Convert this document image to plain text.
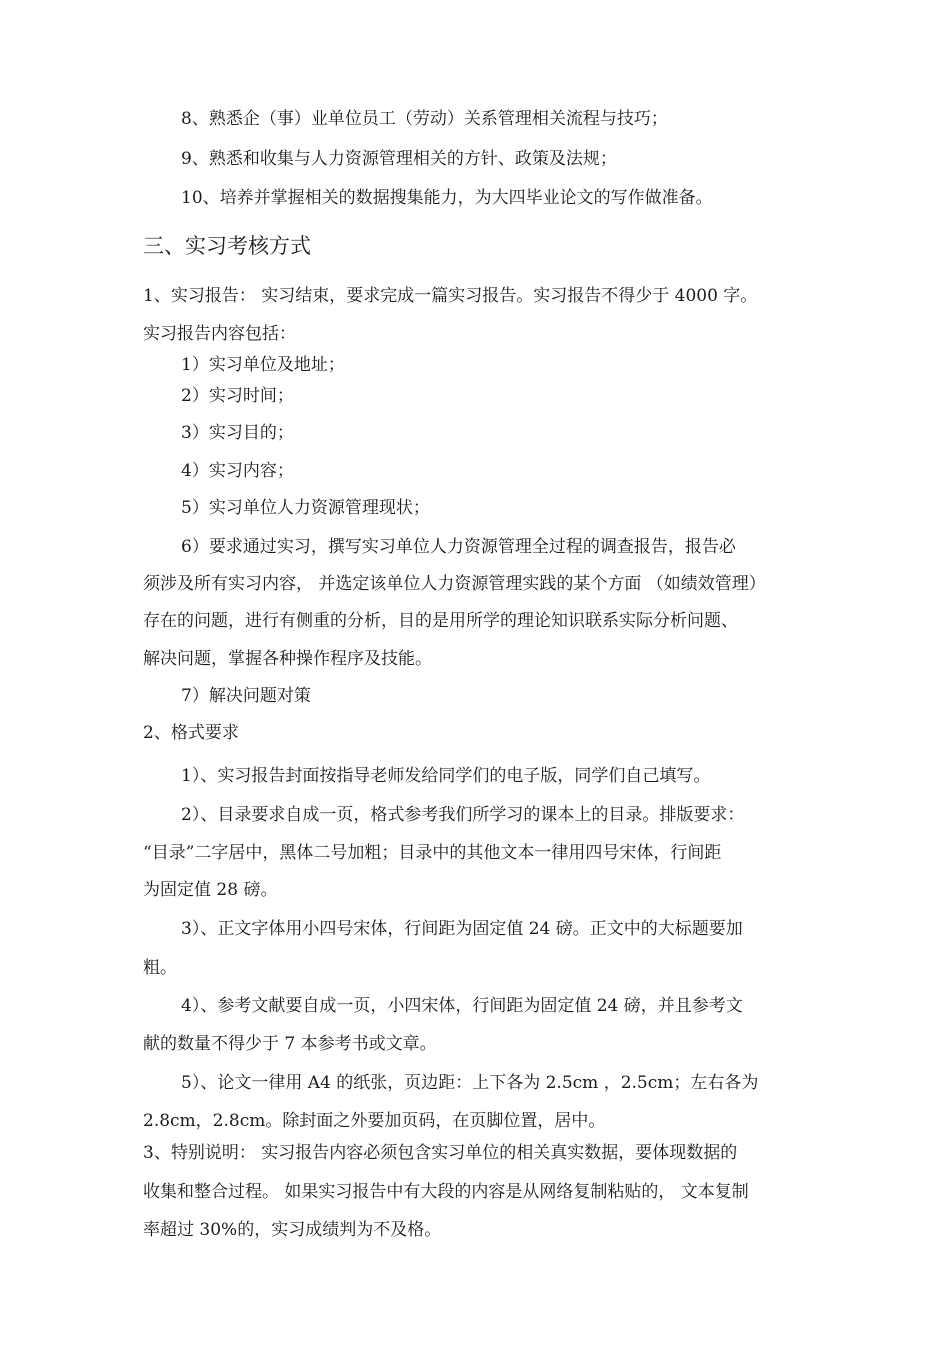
8、熟悉企（事）业单位员工（劳动）关系管理相关流程与技巧；
9、熟悉和收集与人力资源管理相关的方针、政策及法规；
10、培养并掌握相关的数据搜集能力，为大四毕业论文的写作做准备。
三、实习考核方式
1、实习报告： 实习结束，要求完成一篇实习报告。实习报告不得少于 4000 字。
实习报告内容包括：
1）实习单位及地址；
2）实习时间；
3）实习目的；
4）实习内容；
5）实习单位人力资源管理现状；
6）要求通过实习，撰写实习单位人力资源管理全过程的调查报告，报告必
须涉及所有实习内容， 并选定该单位人力资源管理实践的某个方面 （如绩效管理）
存在的问题，进行有侧重的分析，目的是用所学的理论知识联系实际分析问题、
解决问题，掌握各种操作程序及技能。
7）解决问题对策
2、格式要求
1）、实习报告封面按指导老师发给同学们的电子版，同学们自己填写。
2）、目录要求自成一页，格式参考我们所学习的课本上的目录。排版要求：
“目录”二字居中，黑体二号加粗；目录中的其他文本一律用四号宋体，行间距
为固定值 28 磅。
3）、正文字体用小四号宋体，行间距为固定值 24 磅。正文中的大标题要加
粗。
4）、参考文献要自成一页，小四宋体，行间距为固定值 24 磅，并且参考文
献的数量不得少于 7 本参考书或文章。
5）、论文一律用 A4 的纸张，页边距：上下各为 2.5cm ，2.5cm；左右各为
2.8cm，2.8cm。除封面之外要加页码，在页脚位置，居中。
3、特别说明： 实习报告内容必须包含实习单位的相关真实数据，要体现数据的
收集和整合过程。 如果实习报告中有大段的内容是从网络复制粘贴的， 文本复制
率超过 30%的，实习成绩判为不及格。
